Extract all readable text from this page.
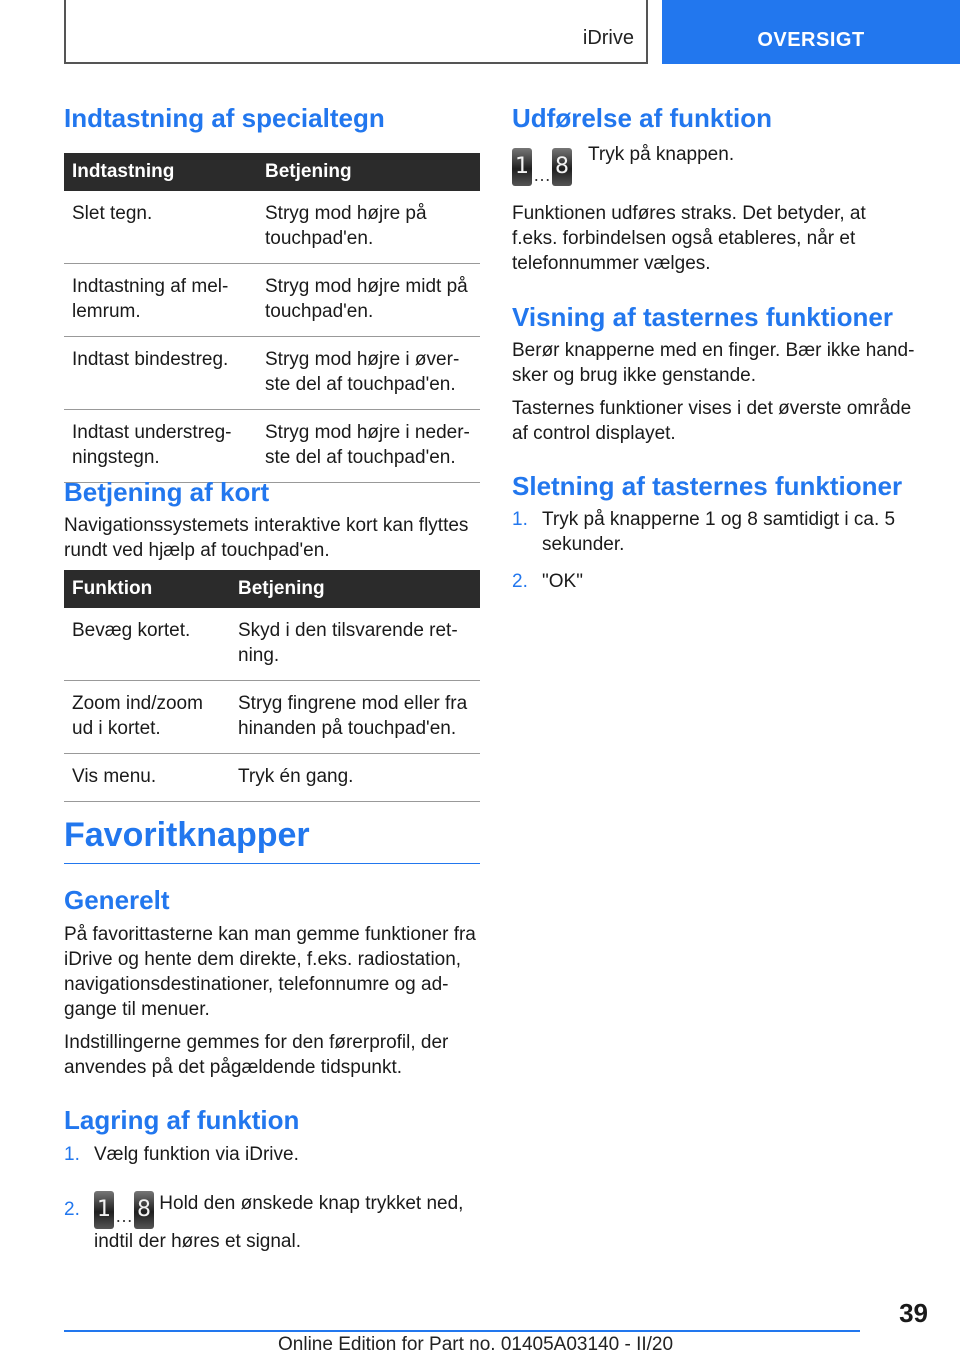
iDrive	OVERSIGT
Indtastning af specialtegn
Indtastning	Betjening
Slet tegn.	Stryg mod højre på touchpad'en.
Indtastning af mellemrum.	Stryg mod højre midt på touchpad'en.
Indtast bindestreg.	Stryg mod højre i øverste del af touchpad'en.
Indtast understregningstegn.	Stryg mod højre i nederste del af touchpad'en.
Betjening af kort

Navigationssystemets interaktive kort kan flyttes rundt ved hjælp af touchpad'en.

Funktion	Betjening
Bevæg kortet.	Skyd i den tilsvarende retning.
Zoom ind/zoom ud i kortet.	Stryg fingrene mod eller fra hinanden på touchpad'en.
Vis menu.	Tryk én gang.
Favoritknapper
Generelt

På favorittasterne kan man gemme funktioner fra iDrive og hente dem direkte, f.eks. radiostation, navigationsdestinationer, telefonnumre og adgange til menuer.

Indstillingerne gemmes for den førerprofil, der anvendes på det pågældende tidspunkt.

Lagring af funktion
1. Vælg funktion via iDrive.
2. 1 … 8 Hold den ønskede knap trykket ned, indtil der høres et signal.
Udførelse af funktion
1 … 8 Tryk på knappen.

Funktionen udføres straks. Det betyder, at f.eks. forbindelsen også etableres, når et telefonnummer vælges.

Visning af tasternes funktioner

Berør knapperne med en finger. Bær ikke handsker og brug ikke genstande.

Tasternes funktioner vises i det øverste område af control displayet.

Sletning af tasternes funktioner
1. Tryk på knapperne 1 og 8 samtidigt i ca. 5 sekunder.
2. "OK"
39
Online Edition for Part no. 01405A03140 - II/20
